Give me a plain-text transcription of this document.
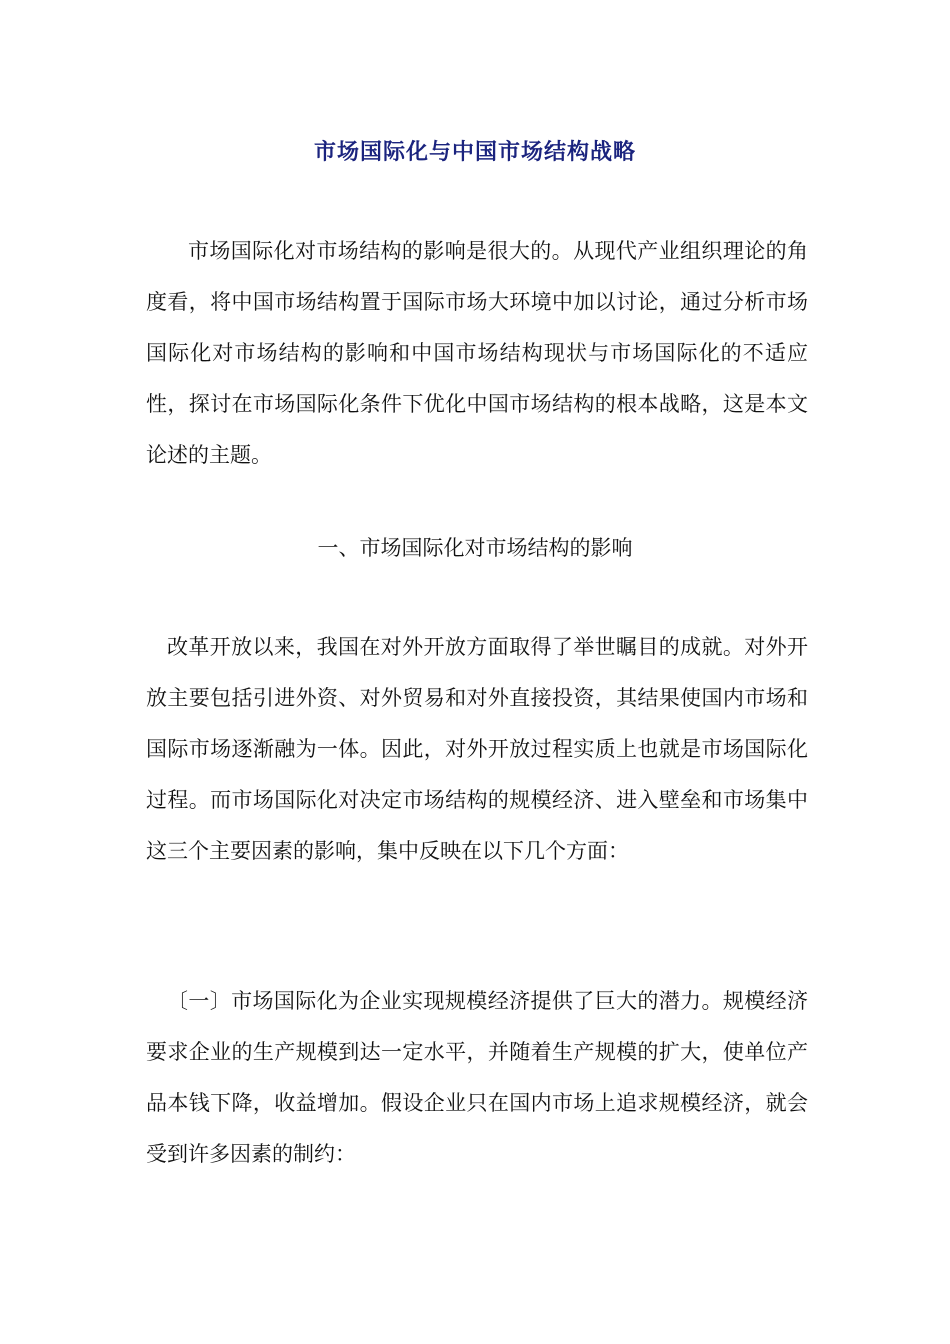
市场国际化与中国市场结构战略
市场国际化对市场结构的影响是很大的。从现代产业组织理论的角度看，将中国市场结构置于国际市场大环境中加以讨论，通过分析市场国际化对市场结构的影响和中国市场结构现状与市场国际化的不适应性，探讨在市场国际化条件下优化中国市场结构的根本战略，这是本文论述的主题。
一、市场国际化对市场结构的影响
改革开放以来，我国在对外开放方面取得了举世瞩目的成就。对外开放主要包括引进外资、对外贸易和对外直接投资，其结果使国内市场和国际市场逐渐融为一体。因此，对外开放过程实质上也就是市场国际化过程。而市场国际化对决定市场结构的规模经济、进入壁垒和市场集中这三个主要因素的影响，集中反映在以下几个方面：
〔一〕市场国际化为企业实现规模经济提供了巨大的潜力。规模经济要求企业的生产规模到达一定水平，并随着生产规模的扩大，使单位产品本钱下降，收益增加。假设企业只在国内市场上追求规模经济，就会受到许多因素的制约：
